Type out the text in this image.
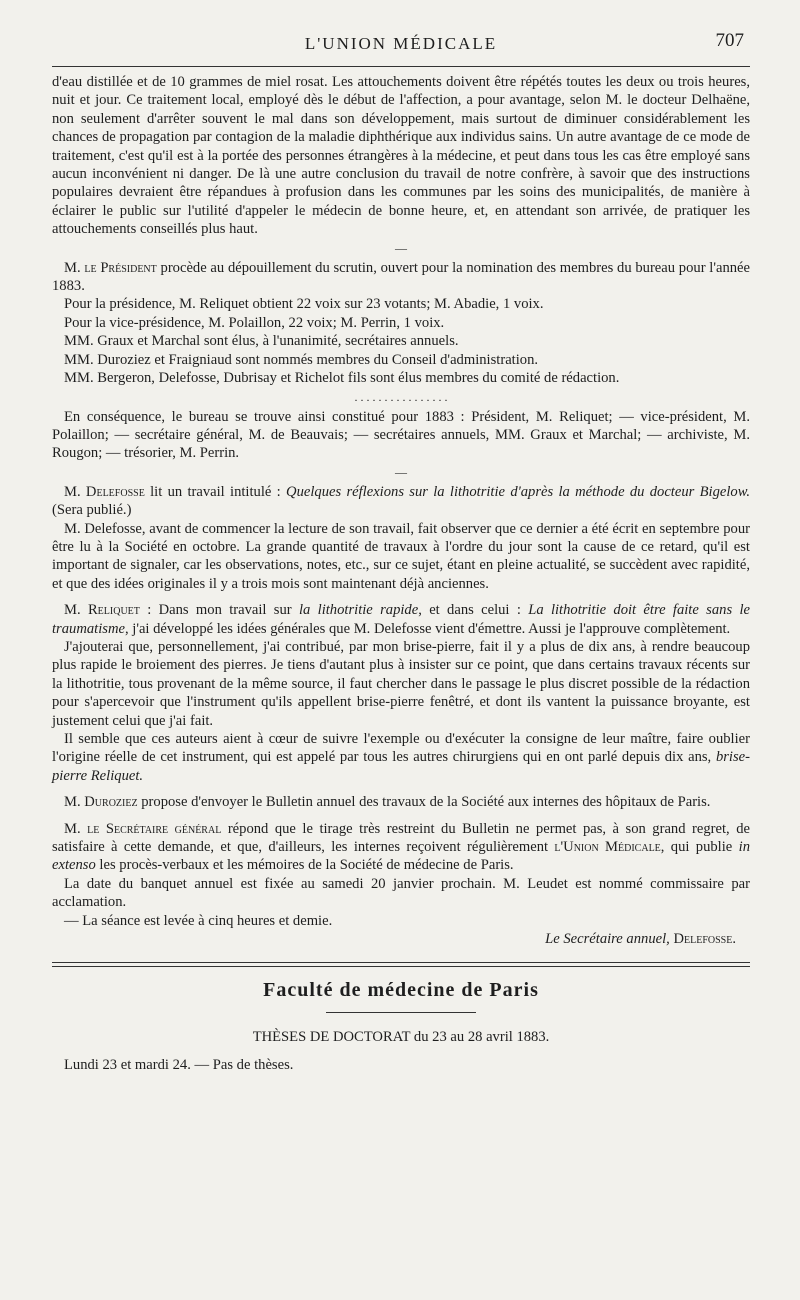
L'UNION MÉDICALE	707

d'eau distillée et de 10 grammes de miel rosat. Les attouchements doivent être répétés toutes les deux ou trois heures, nuit et jour. Ce traitement local, employé dès le début de l'affection, a pour avantage, selon M. le docteur Delhaëne, non seulement d'arrêter souvent le mal dans son développement, mais surtout de diminuer considérablement les chances de propagation par contagion de la maladie diphthérique aux individus sains. Un autre avantage de ce mode de traitement, c'est qu'il est à la portée des personnes étrangères à la médecine, et peut dans tous les cas être employé sans aucun inconvénient ni danger. De là une autre conclusion du travail de notre confrère, à savoir que des instructions populaires devraient être répandues à profusion dans les communes par les soins des municipalités, de manière à éclairer le public sur l'utilité d'appeler le médecin de bonne heure, et, en attendant son arrivée, de pratiquer les attouchements conseillés plus haut.

—

M. le Président procède au dépouillement du scrutin, ouvert pour la nomination des membres du bureau pour l'année 1883.

Pour la présidence, M. Reliquet obtient 22 voix sur 23 votants; M. Abadie, 1 voix.

Pour la vice-présidence, M. Polaillon, 22 voix; M. Perrin, 1 voix.

MM. Graux et Marchal sont élus, à l'unanimité, secrétaires annuels.

MM. Duroziez et Fraigniaud sont nommés membres du Conseil d'administration.

MM. Bergeron, Delefosse, Dubrisay et Richelot fils sont élus membres du comité de rédaction.

. . . . . . . . . . . . . . . .

En conséquence, le bureau se trouve ainsi constitué pour 1883 : Président, M. Reliquet; — vice-président, M. Polaillon; — secrétaire général, M. de Beauvais; — secrétaires annuels, MM. Graux et Marchal; — archiviste, M. Rougon; — trésorier, M. Perrin.

—

M. Delefosse lit un travail intitulé : Quelques réflexions sur la lithotritie d'après la méthode du docteur Bigelow. (Sera publié.)

M. Delefosse, avant de commencer la lecture de son travail, fait observer que ce dernier a été écrit en septembre pour être lu à la Société en octobre. La grande quantité de travaux à l'ordre du jour sont la cause de ce retard, qu'il est important de signaler, car les observations, notes, etc., sur ce sujet, étant en pleine actualité, se succèdent avec rapidité, et que des idées originales il y a trois mois sont maintenant déjà anciennes.

M. Reliquet : Dans mon travail sur la lithotritie rapide, et dans celui : La lithotritie doit être faite sans le traumatisme, j'ai développé les idées générales que M. Delefosse vient d'émettre. Aussi je l'approuve complètement.

J'ajouterai que, personnellement, j'ai contribué, par mon brise-pierre, fait il y a plus de dix ans, à rendre beaucoup plus rapide le broiement des pierres. Je tiens d'autant plus à insister sur ce point, que dans certains travaux récents sur la lithotritie, tous provenant de la même source, il faut chercher dans le passage le plus discret possible de la rédaction pour s'apercevoir que l'instrument qu'ils appellent brise-pierre fenêtré, et dont ils vantent la puissance broyante, est justement celui que j'ai fait.

Il semble que ces auteurs aient à cœur de suivre l'exemple ou d'exécuter la consigne de leur maître, faire oublier l'origine réelle de cet instrument, qui est appelé par tous les autres chirurgiens qui en ont parlé depuis dix ans, brise-pierre Reliquet.

M. Duroziez propose d'envoyer le Bulletin annuel des travaux de la Société aux internes des hôpitaux de Paris.

M. le Secrétaire général répond que le tirage très restreint du Bulletin ne permet pas, à son grand regret, de satisfaire à cette demande, et que, d'ailleurs, les internes reçoivent régulièrement l'Union Médicale, qui publie in extenso les procès-verbaux et les mémoires de la Société de médecine de Paris.

La date du banquet annuel est fixée au samedi 20 janvier prochain. M. Leudet est nommé commissaire par acclamation.

— La séance est levée à cinq heures et demie.

Le Secrétaire annuel, Delefosse.

Faculté de médecine de Paris
THÈSES DE DOCTORAT du 23 au 28 avril 1883.

Lundi 23 et mardi 24. — Pas de thèses.
